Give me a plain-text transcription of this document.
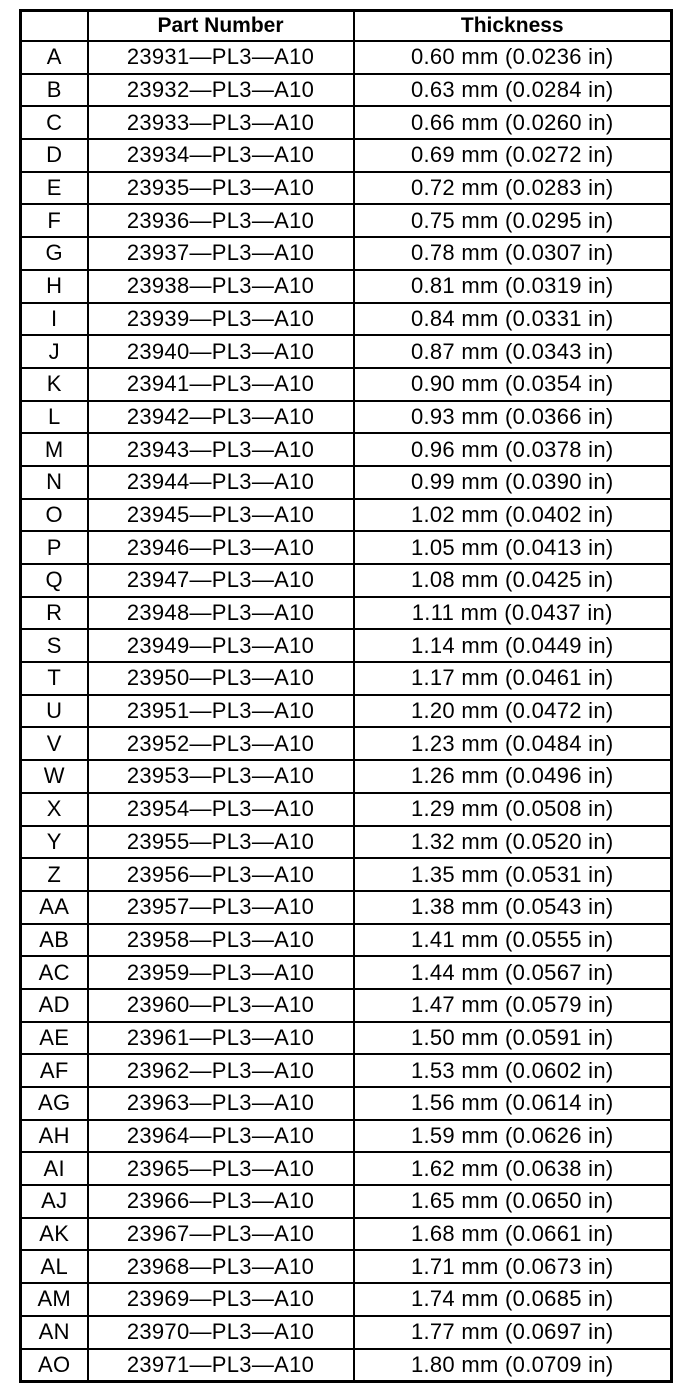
	Part Number	Thickness
A	23931—PL3—A10	0.60 mm (0.0236 in)
B	23932—PL3—A10	0.63 mm (0.0284 in)
C	23933—PL3—A10	0.66 mm (0.0260 in)
D	23934—PL3—A10	0.69 mm (0.0272 in)
E	23935—PL3—A10	0.72 mm (0.0283 in)
F	23936—PL3—A10	0.75 mm (0.0295 in)
G	23937—PL3—A10	0.78 mm (0.0307 in)
H	23938—PL3—A10	0.81 mm (0.0319 in)
I	23939—PL3—A10	0.84 mm (0.0331 in)
J	23940—PL3—A10	0.87 mm (0.0343 in)
K	23941—PL3—A10	0.90 mm (0.0354 in)
L	23942—PL3—A10	0.93 mm (0.0366 in)
M	23943—PL3—A10	0.96 mm (0.0378 in)
N	23944—PL3—A10	0.99 mm (0.0390 in)
O	23945—PL3—A10	1.02 mm (0.0402 in)
P	23946—PL3—A10	1.05 mm (0.0413 in)
Q	23947—PL3—A10	1.08 mm (0.0425 in)
R	23948—PL3—A10	1.11 mm (0.0437 in)
S	23949—PL3—A10	1.14 mm (0.0449 in)
T	23950—PL3—A10	1.17 mm (0.0461 in)
U	23951—PL3—A10	1.20 mm (0.0472 in)
V	23952—PL3—A10	1.23 mm (0.0484 in)
W	23953—PL3—A10	1.26 mm (0.0496 in)
X	23954—PL3—A10	1.29 mm (0.0508 in)
Y	23955—PL3—A10	1.32 mm (0.0520 in)
Z	23956—PL3—A10	1.35 mm (0.0531 in)
AA	23957—PL3—A10	1.38 mm (0.0543 in)
AB	23958—PL3—A10	1.41 mm (0.0555 in)
AC	23959—PL3—A10	1.44 mm (0.0567 in)
AD	23960—PL3—A10	1.47 mm (0.0579 in)
AE	23961—PL3—A10	1.50 mm (0.0591 in)
AF	23962—PL3—A10	1.53 mm (0.0602 in)
AG	23963—PL3—A10	1.56 mm (0.0614 in)
AH	23964—PL3—A10	1.59 mm (0.0626 in)
AI	23965—PL3—A10	1.62 mm (0.0638 in)
AJ	23966—PL3—A10	1.65 mm (0.0650 in)
AK	23967—PL3—A10	1.68 mm (0.0661 in)
AL	23968—PL3—A10	1.71 mm (0.0673 in)
AM	23969—PL3—A10	1.74 mm (0.0685 in)
AN	23970—PL3—A10	1.77 mm (0.0697 in)
AO	23971—PL3—A10	1.80 mm (0.0709 in)
